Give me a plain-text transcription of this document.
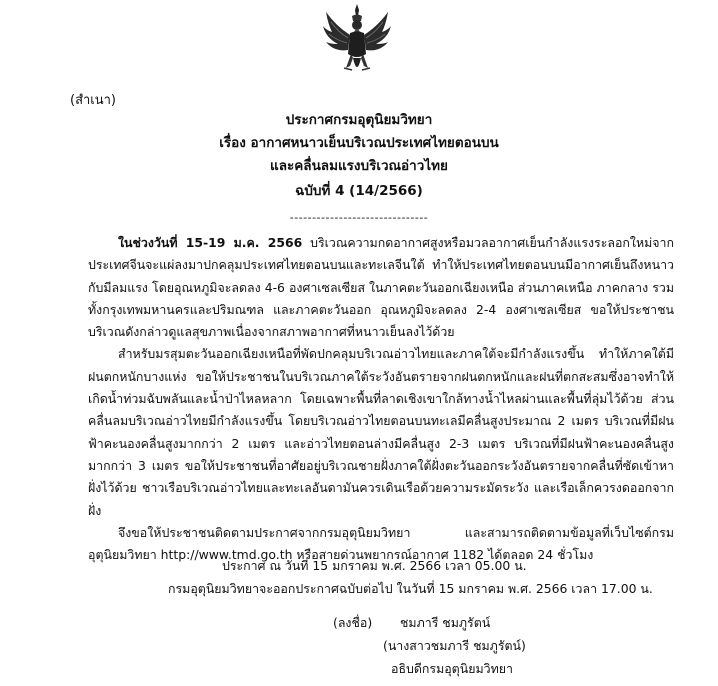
(สำเนา)
ประกาศกรมอุตุนิยมวิทยา
เรื่อง อากาศหนาวเย็นบริเวณประเทศไทยตอนบน
และคลื่นลมแรงบริเวณอ่าวไทย
ฉบับที่ 4 (14/2566)
-------------------------------

ในช่วงวันที่ 15-19 ม.ค. 2566 บริเวณความกดอากาศสูงหรือมวลอากาศเย็นกำลังแรงระลอกใหม่จากประเทศจีนจะแผ่ลงมาปกคลุมประเทศไทยตอนบนและทะเลจีนใต้ ทำให้ประเทศไทยตอนบนมีอากาศเย็นถึงหนาวกับมีลมแรง โดยอุณหภูมิจะลดลง 4-6 องศาเซลเซียส ในภาคตะวันออกเฉียงเหนือ ส่วนภาคเหนือ ภาคกลาง รวมทั้งกรุงเทพมหานครและปริมณฑล และภาคตะวันออก อุณหภูมิจะลดลง 2-4 องศาเซลเซียส ขอให้ประชาชนบริเวณดังกล่าวดูแลสุขภาพเนื่องจากสภาพอากาศที่หนาวเย็นลงไว้ด้วย

สำหรับมรสุมตะวันออกเฉียงเหนือที่พัดปกคลุมบริเวณอ่าวไทยและภาคใต้จะมีกำลังแรงขึ้น ทำให้ภาคใต้มีฝนตกหนักบางแห่ง ขอให้ประชาชนในบริเวณภาคใต้ระวังอันตรายจากฝนตกหนักและฝนที่ตกสะสมซึ่งอาจทำให้เกิดน้ำท่วมฉับพลันและน้ำป่าไหลหลาก โดยเฉพาะพื้นที่ลาดเชิงเขาใกล้ทางน้ำไหลผ่านและพื้นที่ลุ่มไว้ด้วย ส่วนคลื่นลมบริเวณอ่าวไทยมีกำลังแรงขึ้น โดยบริเวณอ่าวไทยตอนบนทะเลมีคลื่นสูงประมาณ 2 เมตร บริเวณที่มีฝนฟ้าคะนองคลื่นสูงมากกว่า 2 เมตร และอ่าวไทยตอนล่างมีคลื่นสูง 2-3 เมตร บริเวณที่มีฝนฟ้าคะนองคลื่นสูงมากกว่า 3 เมตร ขอให้ประชาชนที่อาศัยอยู่บริเวณชายฝั่งภาคใต้ฝั่งตะวันออกระวังอันตรายจากคลื่นที่ซัดเข้าหาฝั่งไว้ด้วย ชาวเรือบริเวณอ่าวไทยและทะเลอันดามันควรเดินเรือด้วยความระมัดระวัง และเรือเล็กควรงดออกจากฝั่ง

จึงขอให้ประชาชนติดตามประกาศจากกรมอุตุนิยมวิทยา และสามารถติดตามข้อมูลที่เว็บไซต์กรมอุตุนิยมวิทยา http://www.tmd.go.th หรือสายด่วนพยากรณ์อากาศ 1182 ได้ตลอด 24 ชั่วโมง

ประกาศ ณ วันที่ 15 มกราคม พ.ศ. 2566 เวลา 05.00 น.
กรมอุตุนิยมวิทยาจะออกประกาศฉบับต่อไป ในวันที่ 15 มกราคม พ.ศ. 2566 เวลา 17.00 น.
(ลงชื่อ) ชมภารี ชมภูรัตน์
(นางสาวชมภารี ชมภูรัตน์)
อธิบดีกรมอุตุนิยมวิทยา
